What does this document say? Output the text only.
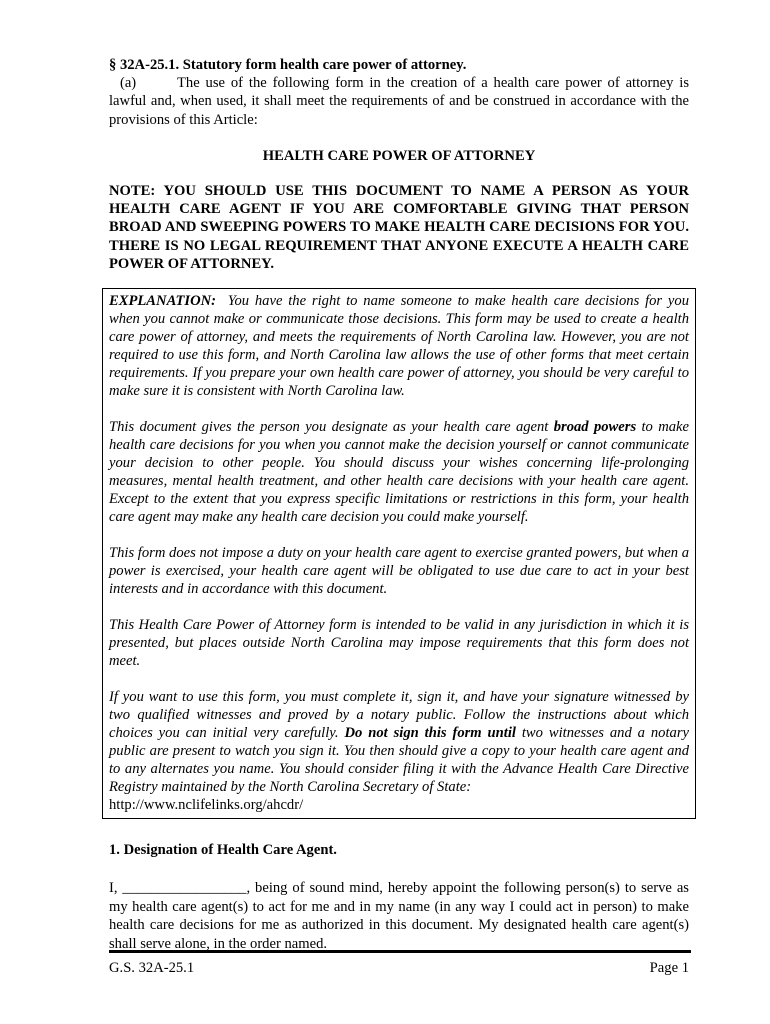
§ 32A-25.1. Statutory form health care power of attorney.

(a)	The use of the following form in the creation of a health care power of attorney is lawful and, when used, it shall meet the requirements of and be construed in accordance with the provisions of this Article:

HEALTH CARE POWER OF ATTORNEY

NOTE: YOU SHOULD USE THIS DOCUMENT TO NAME A PERSON AS YOUR HEALTH CARE AGENT IF YOU ARE COMFORTABLE GIVING THAT PERSON BROAD AND SWEEPING POWERS TO MAKE HEALTH CARE DECISIONS FOR YOU. THERE IS NO LEGAL REQUIREMENT THAT ANYONE EXECUTE A HEALTH CARE POWER OF ATTORNEY.

EXPLANATION: You have the right to name someone to make health care decisions for you when you cannot make or communicate those decisions. This form may be used to create a health care power of attorney, and meets the requirements of North Carolina law. However, you are not required to use this form, and North Carolina law allows the use of other forms that meet certain requirements. If you prepare your own health care power of attorney, you should be very careful to make sure it is consistent with North Carolina law.

This document gives the person you designate as your health care agent broad powers to make health care decisions for you when you cannot make the decision yourself or cannot communicate your decision to other people. You should discuss your wishes concerning life-prolonging measures, mental health treatment, and other health care decisions with your health care agent. Except to the extent that you express specific limitations or restrictions in this form, your health care agent may make any health care decision you could make yourself.

This form does not impose a duty on your health care agent to exercise granted powers, but when a power is exercised, your health care agent will be obligated to use due care to act in your best interests and in accordance with this document.

This Health Care Power of Attorney form is intended to be valid in any jurisdiction in which it is presented, but places outside North Carolina may impose requirements that this form does not meet.

If you want to use this form, you must complete it, sign it, and have your signature witnessed by two qualified witnesses and proved by a notary public. Follow the instructions about which choices you can initial very carefully. Do not sign this form until two witnesses and a notary public are present to watch you sign it. You then should give a copy to your health care agent and to any alternates you name. You should consider filing it with the Advance Health Care Directive Registry maintained by the North Carolina Secretary of State:
http://www.nclifelinks.org/ahcdr/

1. Designation of Health Care Agent.

I, _________________, being of sound mind, hereby appoint the following person(s) to serve as my health care agent(s) to act for me and in my name (in any way I could act in person) to make health care decisions for me as authorized in this document. My designated health care agent(s) shall serve alone, in the order named.

G.S. 32A-25.1	Page 1
